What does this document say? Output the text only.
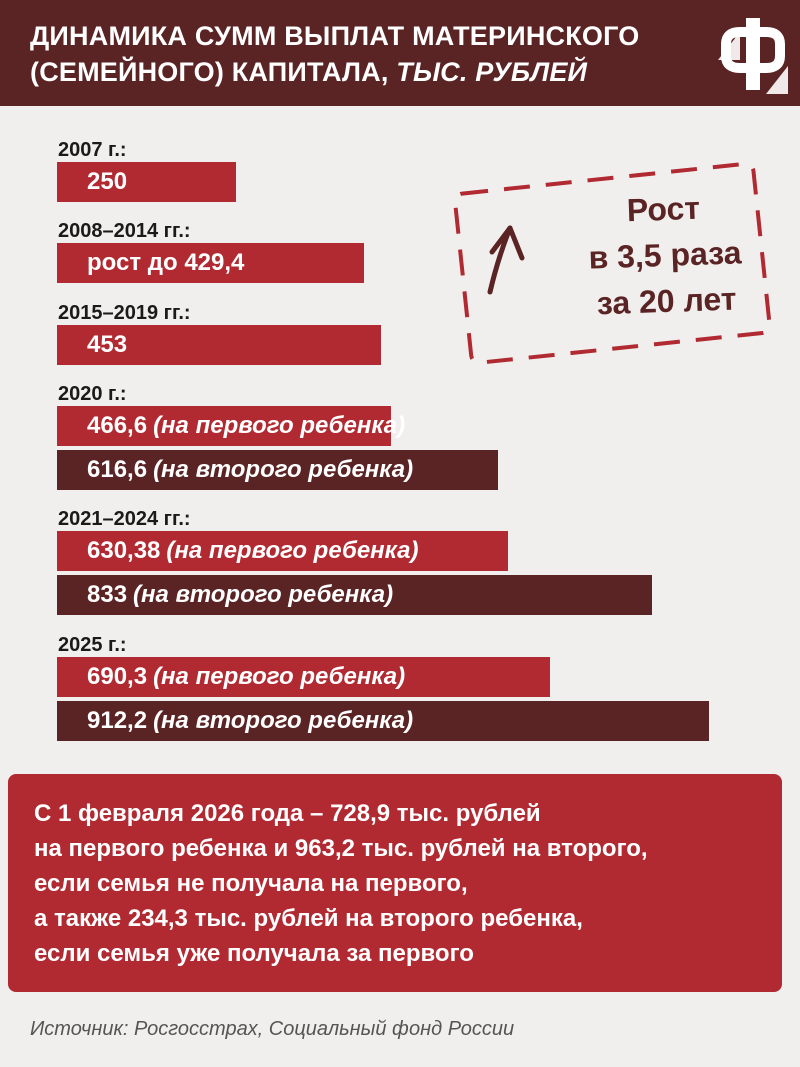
ДИНАМИКА СУММ ВЫПЛАТ МАТЕРИНСКОГО
(СЕМЕЙНОГО) КАПИТАЛА, ТЫС. РУБЛЕЙ
2007 г.:
250
2008–2014 гг.:
рост до 429,4
2015–2019 гг.:
453
2020 г.:
466,6 (на первого ребенка)
616,6 (на второго ребенка)
2021–2024 гг.:
630,38 (на первого ребенка)
833 (на второго ребенка)
2025 г.:
690,3 (на первого ребенка)
912,2 (на второго ребенка)
Рост
в 3,5 раза
за 20 лет
С 1 февраля 2026 года – 728,9 тыс. рублей
на первого ребенка и 963,2 тыс. рублей на второго,
если семья не получала на первого,
а также 234,3 тыс. рублей на второго ребенка,
если семья уже получала за первого
Источник: Росгосстрах, Социальный фонд России
